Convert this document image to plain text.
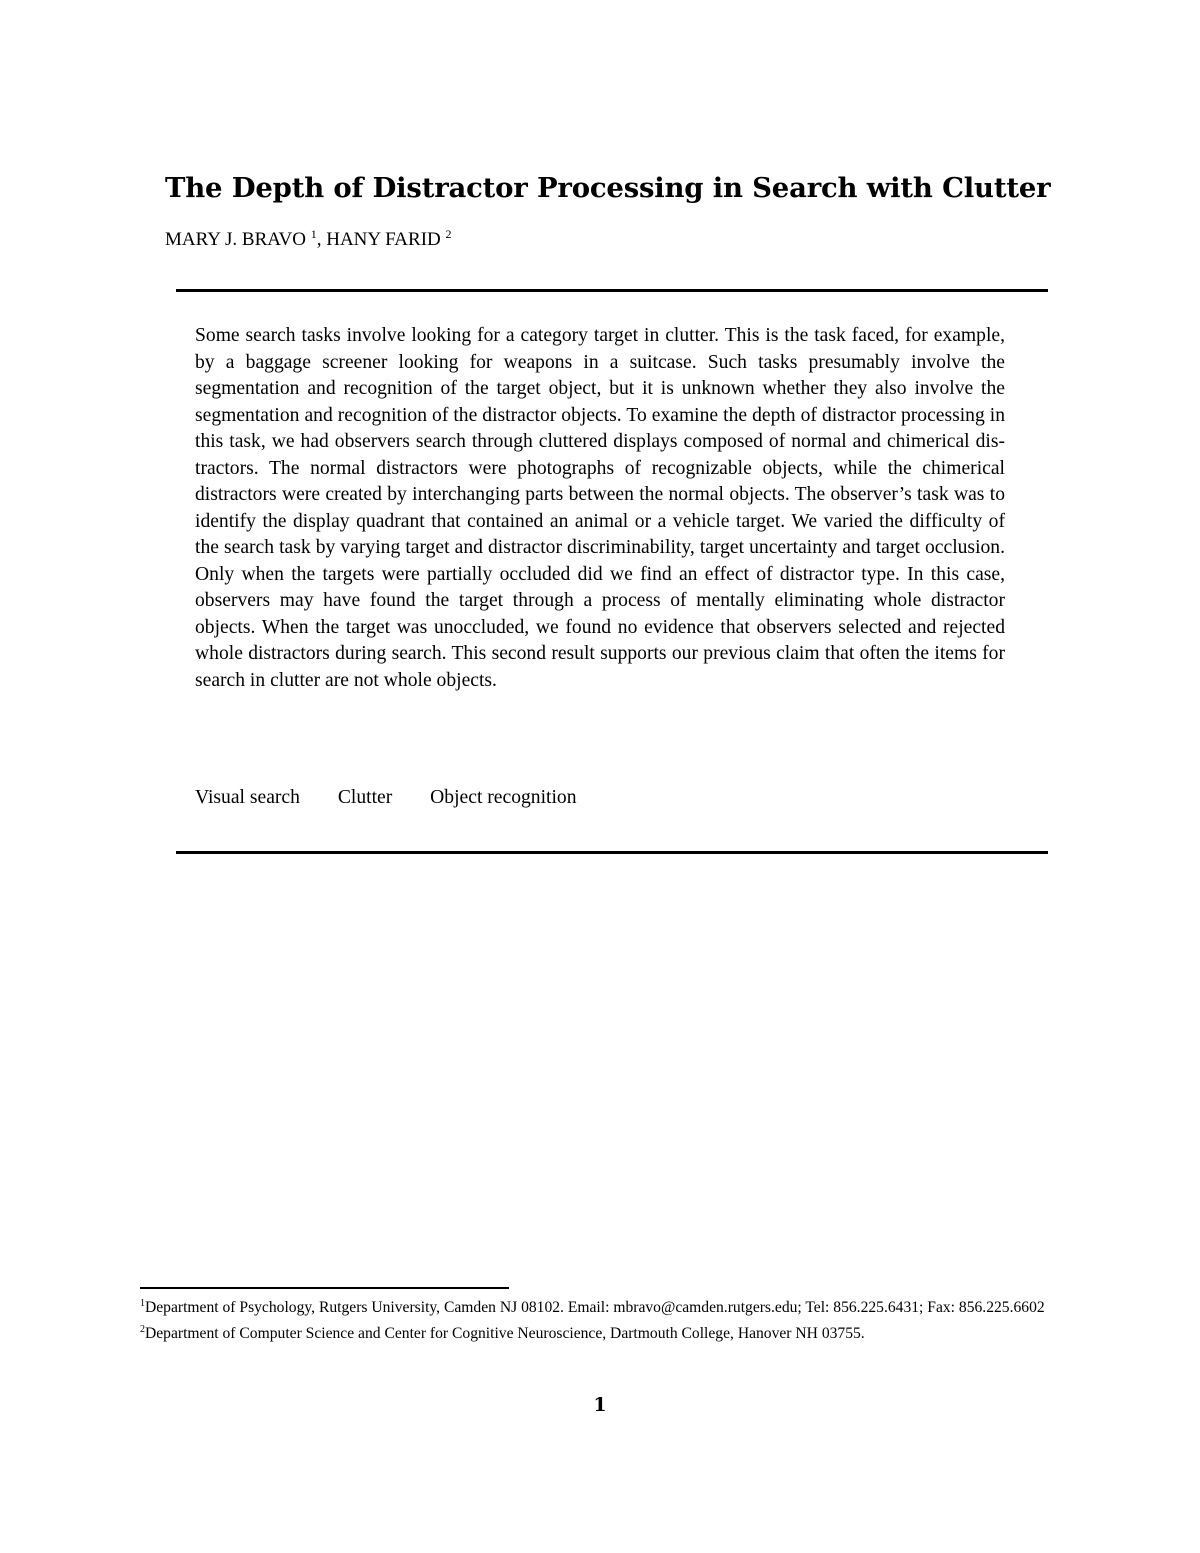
The Depth of Distractor Processing in Search with Clutter
MARY J. BRAVO $^1$, HANY FARID $^2$

Some search tasks involve looking for a category target in clutter. This is the task faced, for example, by a baggage screener looking for weapons in a suitcase. Such tasks presumably involve the segmentation and recognition of the target object, but it is unknown whether they also involve the segmentation and recognition of the distractor objects. To examine the depth of distractor processing in this task, we had observers search through cluttered displays composed of normal and chimerical distractors. The normal distractors were photographs of recognizable objects, while the chimerical distractors were created by interchanging parts between the normal objects. The observer’s task was to identify the display quadrant that contained an animal or a vehicle target. We varied the difficulty of the search task by varying target and distractor discriminability, target uncertainty and target occlusion. Only when the targets were partially occluded did we find an effect of distractor type. In this case, observers may have found the target through a process of mentally eliminating whole distractor objects. When the target was unoccluded, we found no evidence that observers selected and rejected whole distractors during search. This second result supports our previous claim that often the items for search in clutter are not whole objects.

Visual search Clutter Object recognition
$^1$Department of Psychology, Rutgers University, Camden NJ 08102. Email: mbravo@camden.rutgers.edu; Tel: 856.225.6431; Fax: 856.225.6602
$^2$Department of Computer Science and Center for Cognitive Neuroscience, Dartmouth College, Hanover NH 03755.
1
